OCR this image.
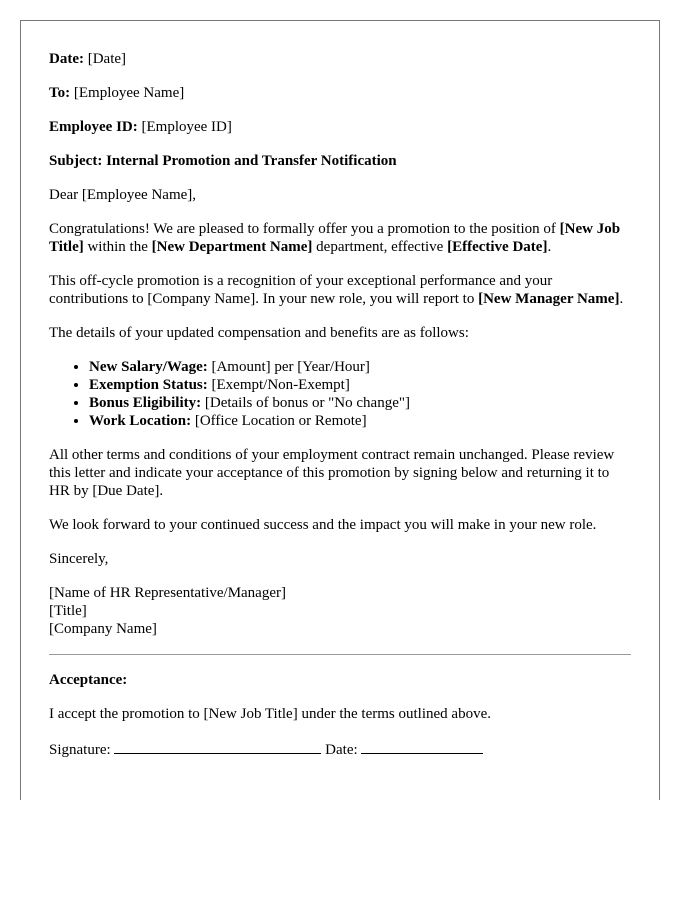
Date: [Date]

To: [Employee Name]

Employee ID: [Employee ID]

Subject: Internal Promotion and Transfer Notification

Dear [Employee Name],

Congratulations! We are pleased to formally offer you a promotion to the position of [New Job Title] within the [New Department Name] department, effective [Effective Date].

This off-cycle promotion is a recognition of your exceptional performance and your contributions to [Company Name]. In your new role, you will report to [New Manager Name].

The details of your updated compensation and benefits are as follows:

• New Salary/Wage: [Amount] per [Year/Hour]
• Exemption Status: [Exempt/Non-Exempt]
• Bonus Eligibility: [Details of bonus or "No change"]
• Work Location: [Office Location or Remote]

All other terms and conditions of your employment contract remain unchanged. Please review this letter and indicate your acceptance of this promotion by signing below and returning it to HR by [Due Date].

We look forward to your continued success and the impact you will make in your new role.

Sincerely,

[Name of HR Representative/Manager]
[Title]
[Company Name]

Acceptance:

I accept the promotion to [New Job Title] under the terms outlined above.

Signature:	Date:
